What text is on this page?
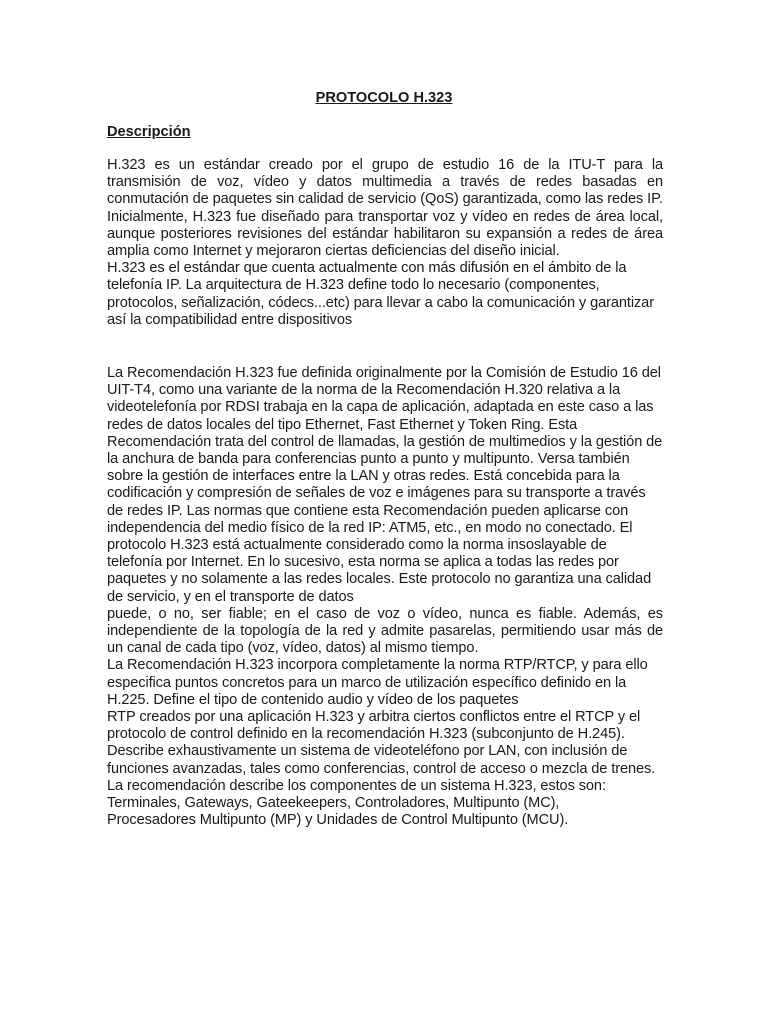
PROTOCOLO H.323
Descripción

H.323 es un estándar creado por el grupo de estudio 16 de la ITU-T para la transmisión de voz, vídeo y datos multimedia a través de redes basadas en conmutación de paquetes sin calidad de servicio (QoS) garantizada, como las redes IP.

Inicialmente, H.323 fue diseñado para transportar voz y vídeo en redes de área local, aunque posteriores revisiones del estándar habilitaron su expansión a redes de área amplia como Internet y mejoraron ciertas deficiencias del diseño inicial.

H.323 es el estándar que cuenta actualmente con más difusión en el ámbito de la telefonía IP. La arquitectura de H.323 define todo lo necesario (componentes, protocolos, señalización, códecs...etc) para llevar a cabo la comunicación y garantizar así la compatibilidad entre dispositivos

La Recomendación H.323 fue definida originalmente por la Comisión de Estudio 16 del UIT-T4, como una variante de la norma de la Recomendación H.320 relativa a la videotelefonía por RDSI trabaja en la capa de aplicación, adaptada en este caso a las redes de datos locales del tipo Ethernet, Fast Ethernet y Token Ring. Esta Recomendación trata del control de llamadas, la gestión de multimedios y la gestión de la anchura de banda para conferencias punto a punto y multipunto. Versa también sobre la gestión de interfaces entre la LAN y otras redes. Está concebida para la codificación y compresión de señales de voz e imágenes para su transporte a través de redes IP. Las normas que contiene esta Recomendación pueden aplicarse con independencia del medio físico de la red IP: ATM5, etc., en modo no conectado. El protocolo H.323 está actualmente considerado como la norma insoslayable de telefonía por Internet. En lo sucesivo, esta norma se aplica a todas las redes por paquetes y no solamente a las redes locales. Este protocolo no garantiza una calidad de servicio, y en el transporte de datos

puede, o no, ser fiable; en el caso de voz o vídeo, nunca es fiable. Además, es independiente de la topología de la red y admite pasarelas, permitiendo usar más de un canal de cada tipo (voz, vídeo, datos) al mismo tiempo.

La Recomendación H.323 incorpora completamente la norma RTP/RTCP, y para ello especifica puntos concretos para un marco de utilización específico definido en la H.225. Define el tipo de contenido audio y vídeo de los paquetes

RTP creados por una aplicación H.323 y arbitra ciertos conflictos entre el RTCP y el protocolo de control definido en la recomendación H.323 (subconjunto de H.245). Describe exhaustivamente un sistema de videoteléfono por LAN, con inclusión de funciones avanzadas, tales como conferencias, control de acceso o mezcla de trenes.

La recomendación describe los componentes de un sistema H.323, estos son:

Terminales, Gateways, Gateekeepers, Controladores, Multipunto (MC),

Procesadores Multipunto (MP) y Unidades de Control Multipunto (MCU).
